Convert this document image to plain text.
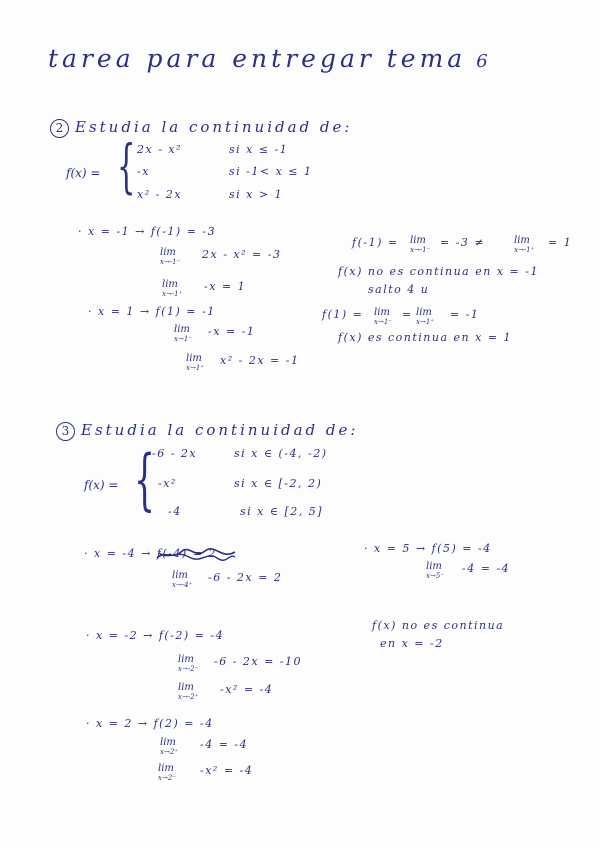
tarea para entregar tema 6
2 Estudia la continuidad de:
f(x) = { 2x - x²	si x ≤ -1
-x	si -1< x ≤ 1
x² - 2x	si x > 1
· x = -1 → f(-1) = -3
lim
x→-1⁻
2x - x² = -3
lim
x→-1⁺
-x = 1
· x = 1 → f(1) = -1
lim
x→1⁻
-x = -1
lim
x→1⁺
x² - 2x = -1
f(-1) = lim
x→-1⁻
= -3 ≠	lim
x→-1⁺
= 1
f(x) no es continua en x = -1
salto 4 u
f(1) = lim
x→1⁻
= lim
x→1⁺
= -1
f(x) es continua en x = 1
3 Estudia la continuidad de:
f(x) = {
-6 - 2x	si x ∈ (-4, -2)
-x²	si x ∈ [-2, 2)
-4	si x ∈ [2, 5]
· x = -4 → f(-4) = 2
lim
x→-4⁺
-6 - 2x = 2
· x = -2 → f(-2) = -4
lim
x→-2⁻
-6 - 2x = -10
lim
x→-2⁺
-x² = -4
· x = 2 → f(2) = -4
lim
x→2⁺
-4 = -4
lim
x→2⁻
-x² = -4
· x = 5 → f(5) = -4
lim
x→5⁻
-4 = -4
f(x) no es continua
en x = -2
